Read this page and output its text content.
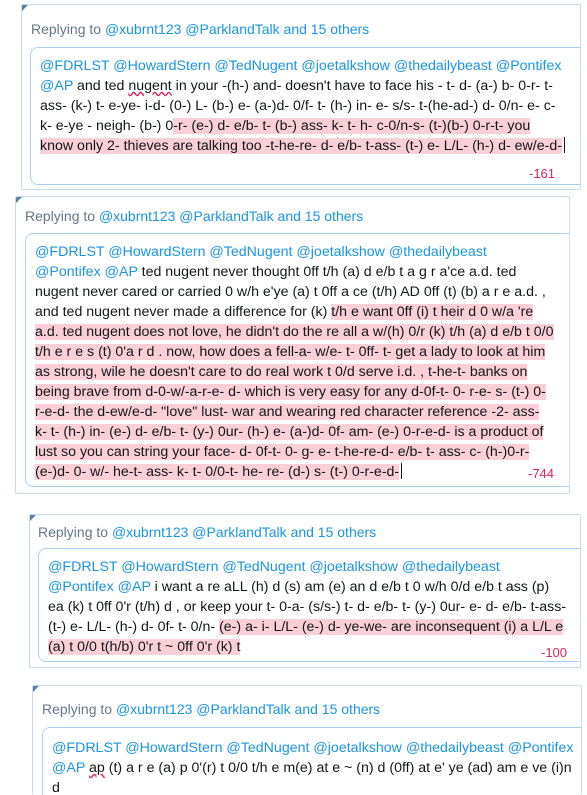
Replying to @xubrnt123 @ParklandTalk and 15 others
@FDRLST @HowardStern @TedNugent @joetalkshow @thedailybeast @Pontifex @AP and ted nugent in your -(h-) and- doesn't have to face his - t- d- (a-) b- 0-r- t- ass- (k-) t- e-ye- i-d- (0-) L- (b-) e- (a-)d- 0/f- t- (h-) in- e- s/s- t-(he-ad-) d- 0/n- e- c- k- e-ye - neigh- (b-) 0-r- (e-) d- e/b- t- (b-) ass- k- t- h- c-0/n-s- (t-)(b-) 0-r-t- you know only 2- thieves are talking too -t-he-re- d- e/b- t-ass- (t-) e- L/L- (h-) d- ew/e-d-
-161
Replying to @xubrnt123 @ParklandTalk and 15 others
@FDRLST @HowardStern @TedNugent @joetalkshow @thedailybeast @Pontifex @AP ted nugent never thought 0ff t/h (a) d e/b t a g r a'ce a.d. ted nugent never cared or carried 0 w/h e'ye (a) t 0ff a ce (t/h) AD 0ff (t) (b) a r e a.d. , and ted nugent never made a difference for (k) t/h e want 0ff (i) t heir d 0 w/a 're a.d. ted nugent does not love, he didn't do the re all a w/(h) 0/r (k) t/h (a) d e/b t 0/0 t/h e r e s (t) 0'a r d . now, how does a fell-a- w/e- t- 0ff- t- get a lady to look at him as strong, wile he doesn't care to do real work t 0/d serve i.d. , t-he-t- banks on being brave from d-0-w/-a-r-e- d- which is very easy for any d-0f-t- 0- r-e- s- (t-) 0-r-e-d- the d-ew/e-d- "love" lust- war and wearing red character reference -2- ass- k- t- (h-) in- (e-) d- e/b- t- (y-) 0ur- (h-) e- (a-)d- 0f- am- (e-) 0-r-e-d- is a product of lust so you can string your face- d- 0f-t- 0- g- e- t-he-re-d- e/b- t- ass- c- (h-)0-r-(e-)d- 0- w/- he-t- ass- k- t- 0/0-t- he- re- (d-) s- (t-) 0-r-e-d-	-744
Replying to @xubrnt123 @ParklandTalk and 15 others
@FDRLST @HowardStern @TedNugent @joetalkshow @thedailybeast @Pontifex @AP i want a re aLL (h) d (s) am (e) an d e/b t 0 w/h 0/d e/b t ass (p) ea (k) t 0ff 0'r (t/h) d , or keep your t- 0-a- (s/s-) t- d- e/b- t- (y-) 0ur- e- d- e/b- t-ass- (t-) e- L/L- (h-) d- 0f- t- 0/n- (e-) a- i- L/L- (e-) d- ye-we- are inconsequent (i) a L/L e (a) t 0/0 t(h/b) 0'r t ~ 0ff 0'r (k) t	-100
Replying to @xubrnt123 @ParklandTalk and 15 others
@FDRLST @HowardStern @TedNugent @joetalkshow @thedailybeast @Pontifex @AP ap (t) a r e (a) p 0'(r) t 0/0 t/h e m(e) at e ~ (n) d (0ff) at e' ye (ad) am e ve (i)n d
